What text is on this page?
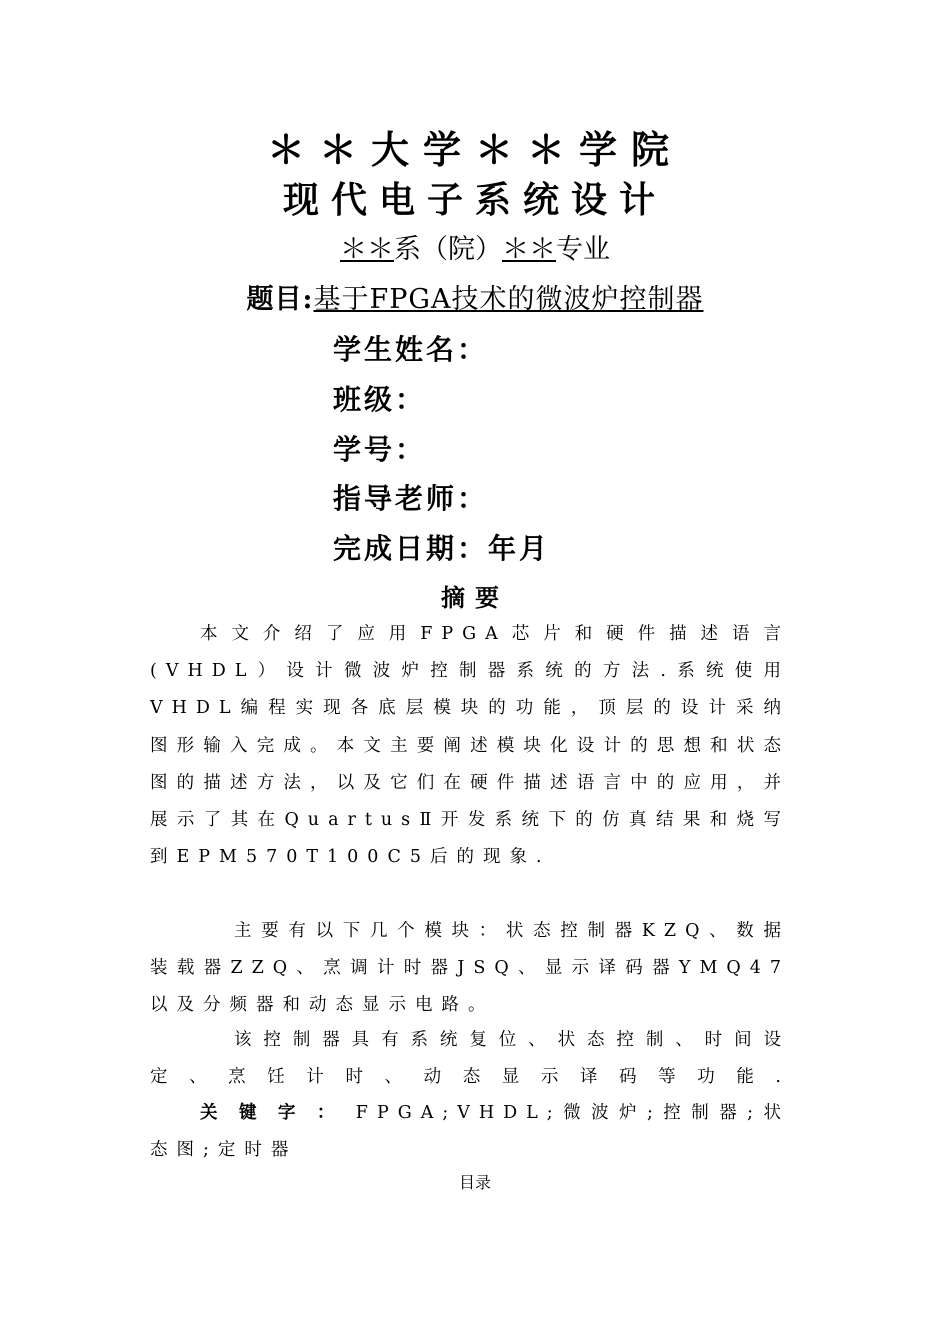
＊＊大学＊＊学院
现代电子系统设计
＊＊系（院）＊＊专业
题目:基于FPGA技术的微波炉控制器
学生姓名：
班级：
学号：
指导老师：
完成日期：年月
摘要
本文介绍了应用FPGA芯片和硬件描述语言(VHDL）设计微波炉控制器系统的方法.系统使用VHDL编程实现各底层模块的功能，顶层的设计采纳图形输入完成。本文主要阐述模块化设计的思想和状态图的描述方法，以及它们在硬件描述语言中的应用，并展示了其在QuartusⅡ开发系统下的仿真结果和烧写到EPM570T100C5后的现象.
主要有以下几个模块：状态控制器KZQ、数据装载器ZZQ、烹调计时器JSQ、显示译码器YMQ47以及分频器和动态显示电路。
该控制器具有系统复位、状态控制、时间设定、烹饪计时、动态显示译码等功能.
关键字：FPGA;VHDL;微波炉;控制器;状态图;定时器
目录
